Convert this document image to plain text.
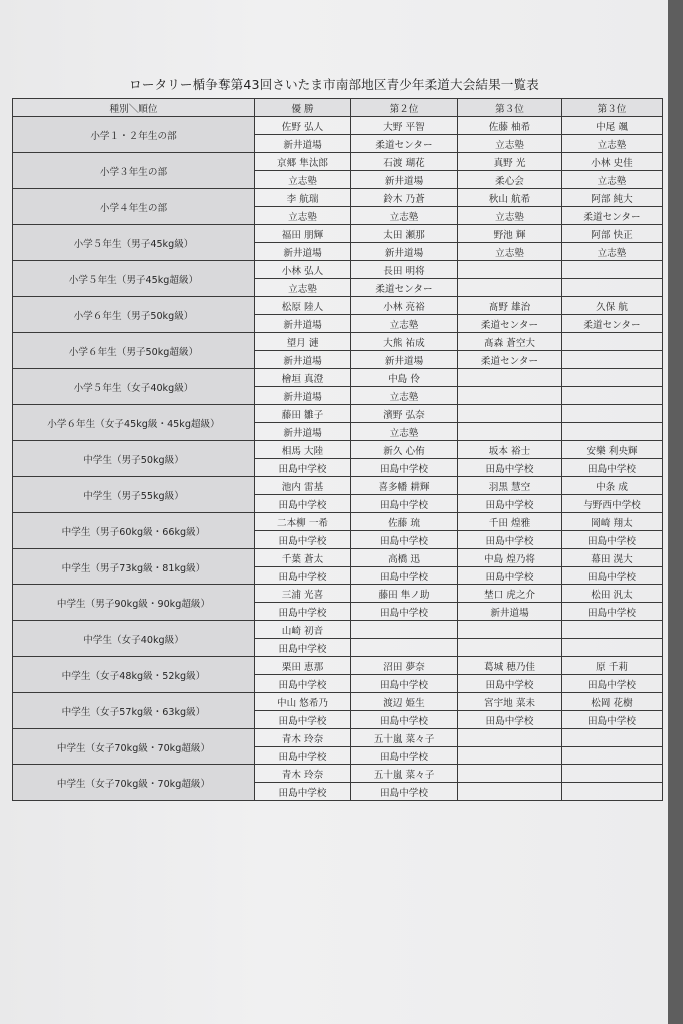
ロータリー楯争奪第43回さいたま市南部地区青少年柔道大会結果一覧表
種別＼順位	優 勝	第２位	第３位	第３位
小学１・２年生の部	佐野 弘人	大野 平智	佐藤 柚希	中尾 颯
	新井道場	柔道センター	立志塾	立志塾
小学３年生の部	京郷 隼汰郎	石渡 瑚花	真野 光	小林 史佳
	立志塾	新井道場	柔心会	立志塾
小学４年生の部	李 航瑞	鈴木 乃蒼	秋山 航希	阿部 純大
	立志塾	立志塾	立志塾	柔道センター
小学５年生（男子45kg級）	福田 朋輝	太田 瀬那	野池 輝	阿部 快正
	新井道場	新井道場	立志塾	立志塾
小学５年生（男子45kg超級）	小林 弘人	長田 明将		
	立志塾	柔道センター		
小学６年生（男子50kg級）	松原 陸人	小林 亮裕	髙野 雄治	久保 航
	新井道場	立志塾	柔道センター	柔道センター
小学６年生（男子50kg超級）	望月 漣	大熊 祐成	髙森 蒼空大	
	新井道場	新井道場	柔道センター	
小学５年生（女子40kg級）	檜垣 真澄	中島 伶		
	新井道場	立志塾		
小学６年生（女子45kg級・45kg超級）	藤田 雛子	濱野 弘奈		
	新井道場	立志塾		
中学生（男子50kg級）	相馬 大陸	新久 心侑	坂本 裕士	安樂 利央輝
	田島中学校	田島中学校	田島中学校	田島中学校
中学生（男子55kg級）	池内 雷基	喜多幡 耕輝	羽黒 慧空	中条 成
	田島中学校	田島中学校	田島中学校	与野西中学校
中学生（男子60kg級・66kg級）	二本柳 一希	佐藤 琉	千田 煌雅	岡崎 翔太
	田島中学校	田島中学校	田島中学校	田島中学校
中学生（男子73kg級・81kg級）	千葉 蒼太	高橋 迅	中島 煌乃将	幕田 滉大
	田島中学校	田島中学校	田島中学校	田島中学校
中学生（男子90kg級・90kg超級）	三浦 光喜	藤田 隼ノ助	埜口 虎之介	松田 汎太
	田島中学校	田島中学校	新井道場	田島中学校
中学生（女子40kg級）	山崎 初音			
	田島中学校			
中学生（女子48kg級・52kg級）	栗田 恵那	沼田 夢奈	葛城 穂乃佳	原 千莉
	田島中学校	田島中学校	田島中学校	田島中学校
中学生（女子57kg級・63kg級）	中山 悠希乃	渡辺 姫生	宮宇地 菜未	松岡 花樹
	田島中学校	田島中学校	田島中学校	田島中学校
中学生（女子70kg級・70kg超級）	青木 玲奈	五十嵐 菜々子		
	田島中学校	田島中学校		
中学生（女子70kg級・70kg超級）	青木 玲奈	五十嵐 菜々子		
	田島中学校	田島中学校		
